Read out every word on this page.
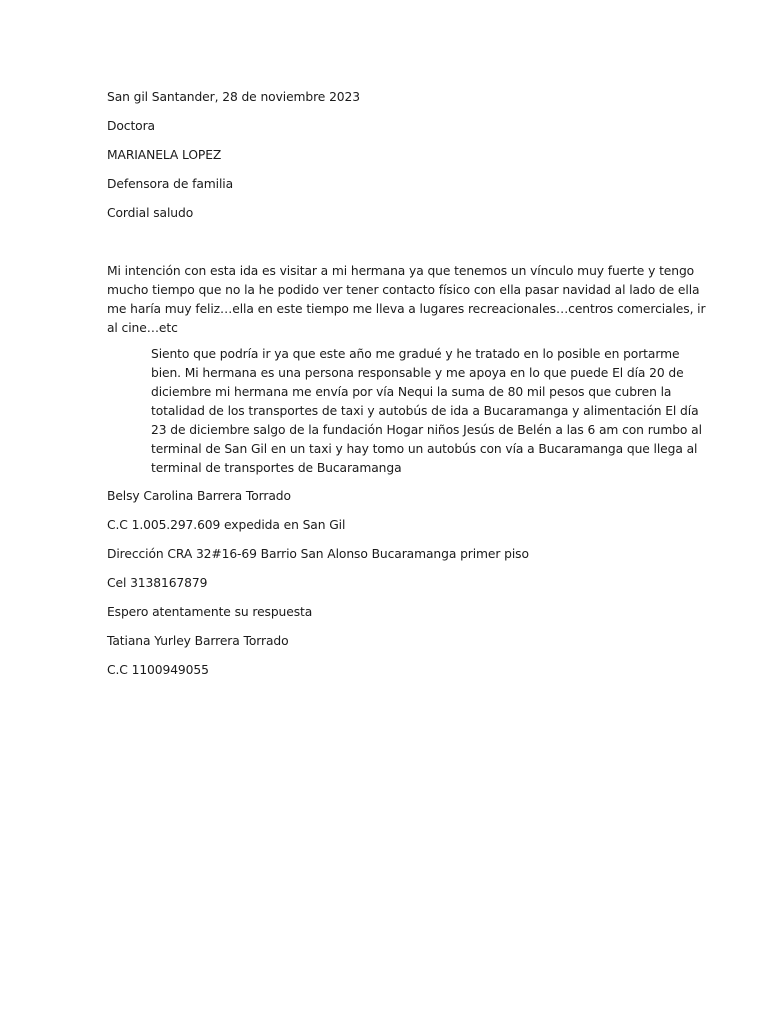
San gil Santander, 28 de noviembre 2023

Doctora

MARIANELA LOPEZ

Defensora de familia

Cordial saludo

Mi intención con esta ida es visitar a mi hermana ya que tenemos un vínculo muy fuerte y tengo
mucho tiempo que no la he podido ver tener contacto físico con ella pasar navidad al lado de ella
me haría muy feliz…ella en este tiempo me lleva a lugares recreacionales…centros comerciales, ir
al cine…etc
Siento que podría ir ya que este año me gradué y he tratado en lo posible en portarme
bien. Mi hermana es una persona responsable y me apoya en lo que puede El día 20 de
diciembre mi hermana me envía por vía Nequi la suma de 80 mil pesos que cubren la
totalidad de los transportes de taxi y autobús de ida a Bucaramanga y alimentación El día
23 de diciembre salgo de la fundación Hogar niños Jesús de Belén a las 6 am con rumbo al
terminal de San Gil en un taxi y hay tomo un autobús con vía a Bucaramanga que llega al
terminal de transportes de Bucaramanga

Belsy Carolina Barrera Torrado

C.C 1.005.297.609 expedida en San Gil

Dirección CRA 32#16-69 Barrio San Alonso Bucaramanga primer piso

Cel 3138167879

Espero atentamente su respuesta

Tatiana Yurley Barrera Torrado

C.C 1100949055
